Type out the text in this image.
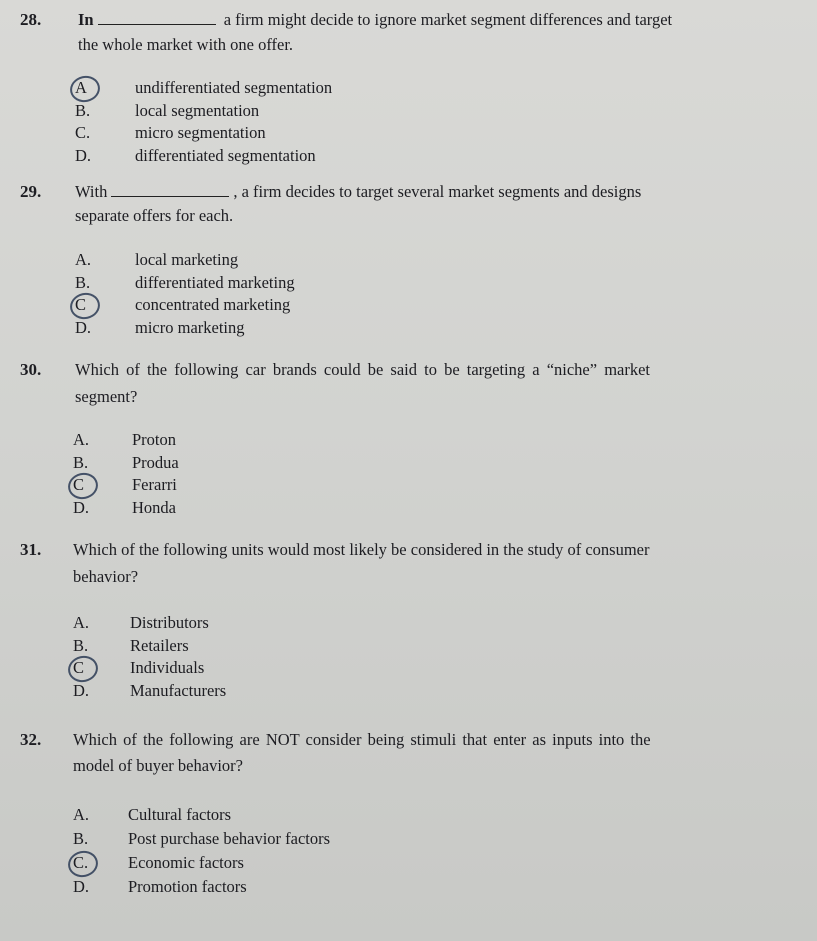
28. In	a firm might decide to ignore market segment differences and target
the whole market with one offer.
A	undifferentiated segmentation
B.	local segmentation
C.	micro segmentation
D.	differentiated segmentation
29. With	, a firm decides to target several market segments and designs
separate offers for each.
A.	local marketing
B.	differentiated marketing
C	concentrated marketing
D.	micro marketing
30. Which of the following car brands could be said to be targeting a “niche” market
segment?
A.	Proton
B.	Produa
C	Ferarri
D.	Honda
31. Which of the following units would most likely be considered in the study of consumer
behavior?
A.	Distributors
B.	Retailers
C	Individuals
D.	Manufacturers
32. Which of the following are NOT consider being stimuli that enter as inputs into the
model of buyer behavior?
A.	Cultural factors
B.	Post purchase behavior factors
C.	Economic factors
D.	Promotion factors
